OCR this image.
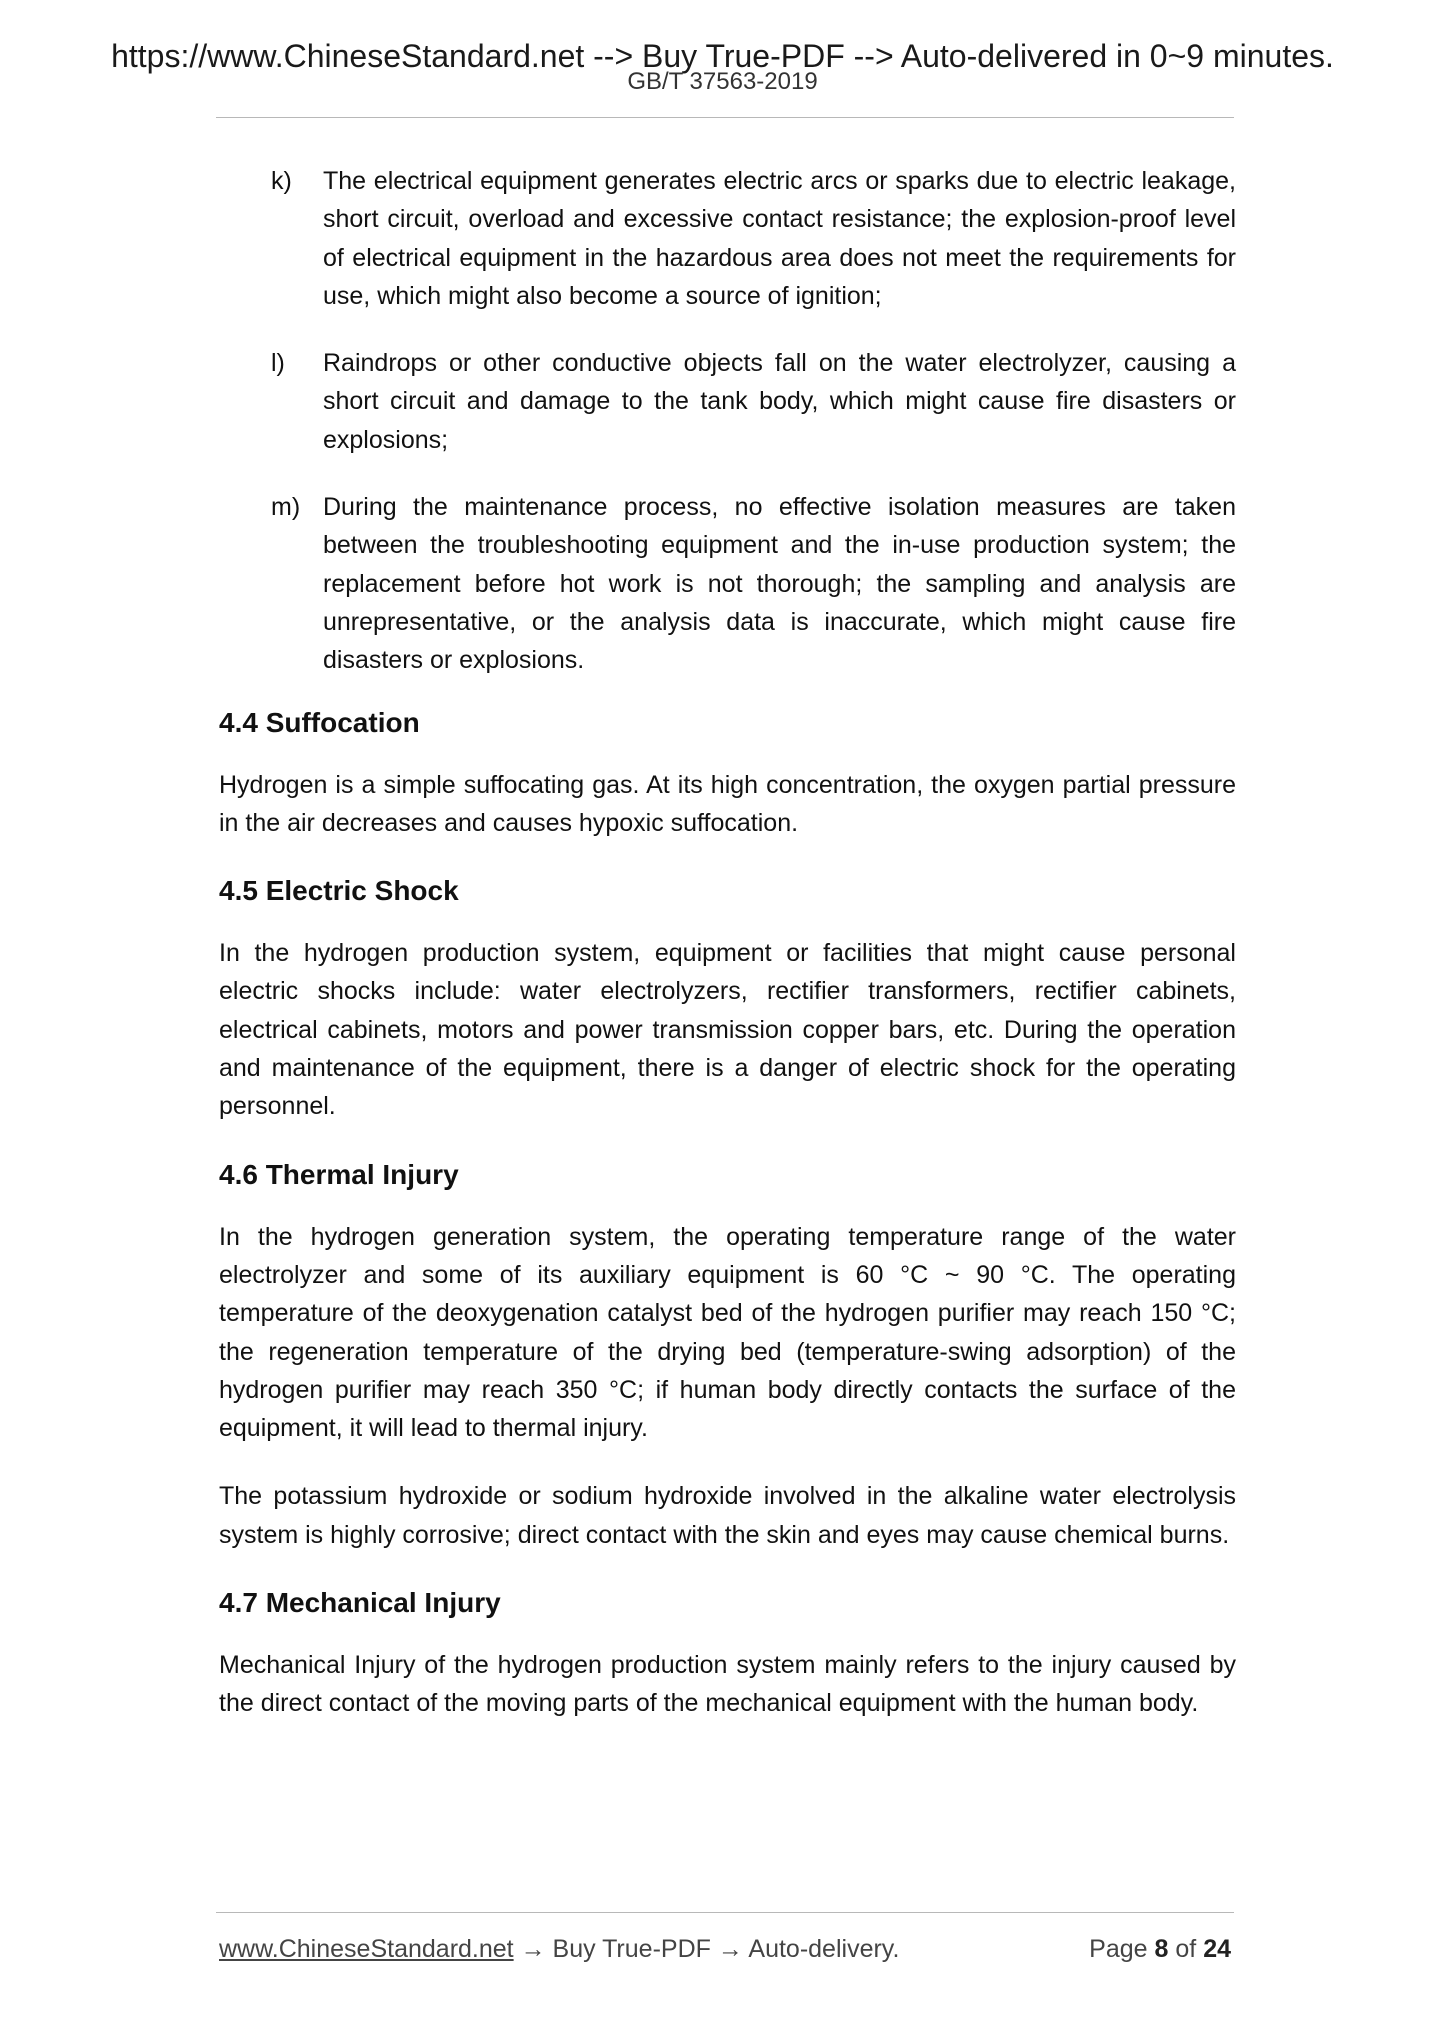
https://www.ChineseStandard.net --> Buy True-PDF --> Auto-delivered in 0~9 minutes.
GB/T 37563-2019
k)	The electrical equipment generates electric arcs or sparks due to electric leakage, short circuit, overload and excessive contact resistance; the explosion-proof level of electrical equipment in the hazardous area does not meet the requirements for use, which might also become a source of ignition;

l)	Raindrops or other conductive objects fall on the water electrolyzer, causing a short circuit and damage to the tank body, which might cause fire disasters or explosions;

m) During the maintenance process, no effective isolation measures are taken between the troubleshooting equipment and the in-use production system; the replacement before hot work is not thorough; the sampling and analysis are unrepresentative, or the analysis data is inaccurate, which might cause fire disasters or explosions.

4.4 Suffocation

Hydrogen is a simple suffocating gas. At its high concentration, the oxygen partial pressure in the air decreases and causes hypoxic suffocation.

4.5 Electric Shock

In the hydrogen production system, equipment or facilities that might cause personal electric shocks include: water electrolyzers, rectifier transformers, rectifier cabinets, electrical cabinets, motors and power transmission copper bars, etc. During the operation and maintenance of the equipment, there is a danger of electric shock for the operating personnel.

4.6 Thermal Injury

In the hydrogen generation system, the operating temperature range of the water electrolyzer and some of its auxiliary equipment is 60 °C ~ 90 °C. The operating temperature of the deoxygenation catalyst bed of the hydrogen purifier may reach 150 °C; the regeneration temperature of the drying bed (temperature-swing adsorption) of the hydrogen purifier may reach 350 °C; if human body directly contacts the surface of the equipment, it will lead to thermal injury.

The potassium hydroxide or sodium hydroxide involved in the alkaline water electrolysis system is highly corrosive; direct contact with the skin and eyes may cause chemical burns.

4.7 Mechanical Injury

Mechanical Injury of the hydrogen production system mainly refers to the injury caused by the direct contact of the moving parts of the mechanical equipment with the human body.

www.ChineseStandard.net → Buy True-PDF → Auto-delivery.	Page 8 of 24
